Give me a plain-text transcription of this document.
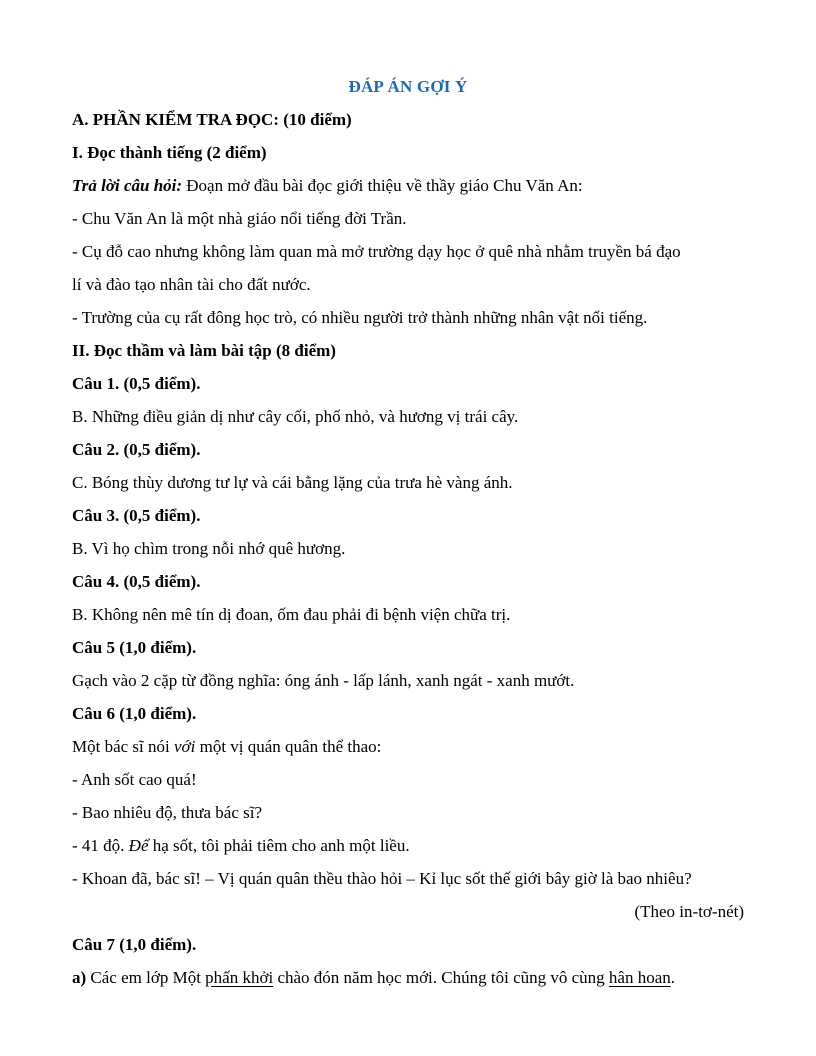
ĐÁP ÁN GỢI Ý

A. PHẦN KIỂM TRA ĐỌC: (10 điểm)

I. Đọc thành tiếng (2 điểm)

Trả lời câu hỏi: Đoạn mở đầu bài đọc giới thiệu về thầy giáo Chu Văn An:

- Chu Văn An là một nhà giáo nổi tiếng đời Trần.

- Cụ đỗ cao nhưng không làm quan mà mở trường dạy học ở quê nhà nhằm truyền bá đạo

lí và đào tạo nhân tài cho đất nước.

- Trường của cụ rất đông học trò, có nhiều người trở thành những nhân vật nổi tiếng.

II. Đọc thầm và làm bài tập (8 điểm)

Câu 1. (0,5 điểm).

B. Những điều giản dị như cây cối, phố nhỏ, và hương vị trái cây.

Câu 2. (0,5 điểm).

C. Bóng thùy dương tư lự và cái bằng lặng của trưa hè vàng ánh.

Câu 3. (0,5 điểm).

B. Vì họ chìm trong nỗi nhớ quê hương.

Câu 4. (0,5 điểm).

B. Không nên mê tín dị đoan, ốm đau phải đi bệnh viện chữa trị.

Câu 5 (1,0 điểm).

Gạch vào 2 cặp từ đồng nghĩa: óng ánh - lấp lánh, xanh ngát - xanh mướt.

Câu 6 (1,0 điểm).

Một bác sĩ nói với một vị quán quân thể thao:

- Anh sốt cao quá!

- Bao nhiêu độ, thưa bác sĩ?

- 41 độ. Để hạ sốt, tôi phải tiêm cho anh một liều.

- Khoan đã, bác sĩ! – Vị quán quân thều thào hỏi – Kỉ lục sốt thế giới bây giờ là bao nhiêu?

(Theo in-tơ-nét)

Câu 7 (1,0 điểm).

a) Các em lớp Một phấn khởi chào đón năm học mới. Chúng tôi cũng vô cùng hân hoan.
